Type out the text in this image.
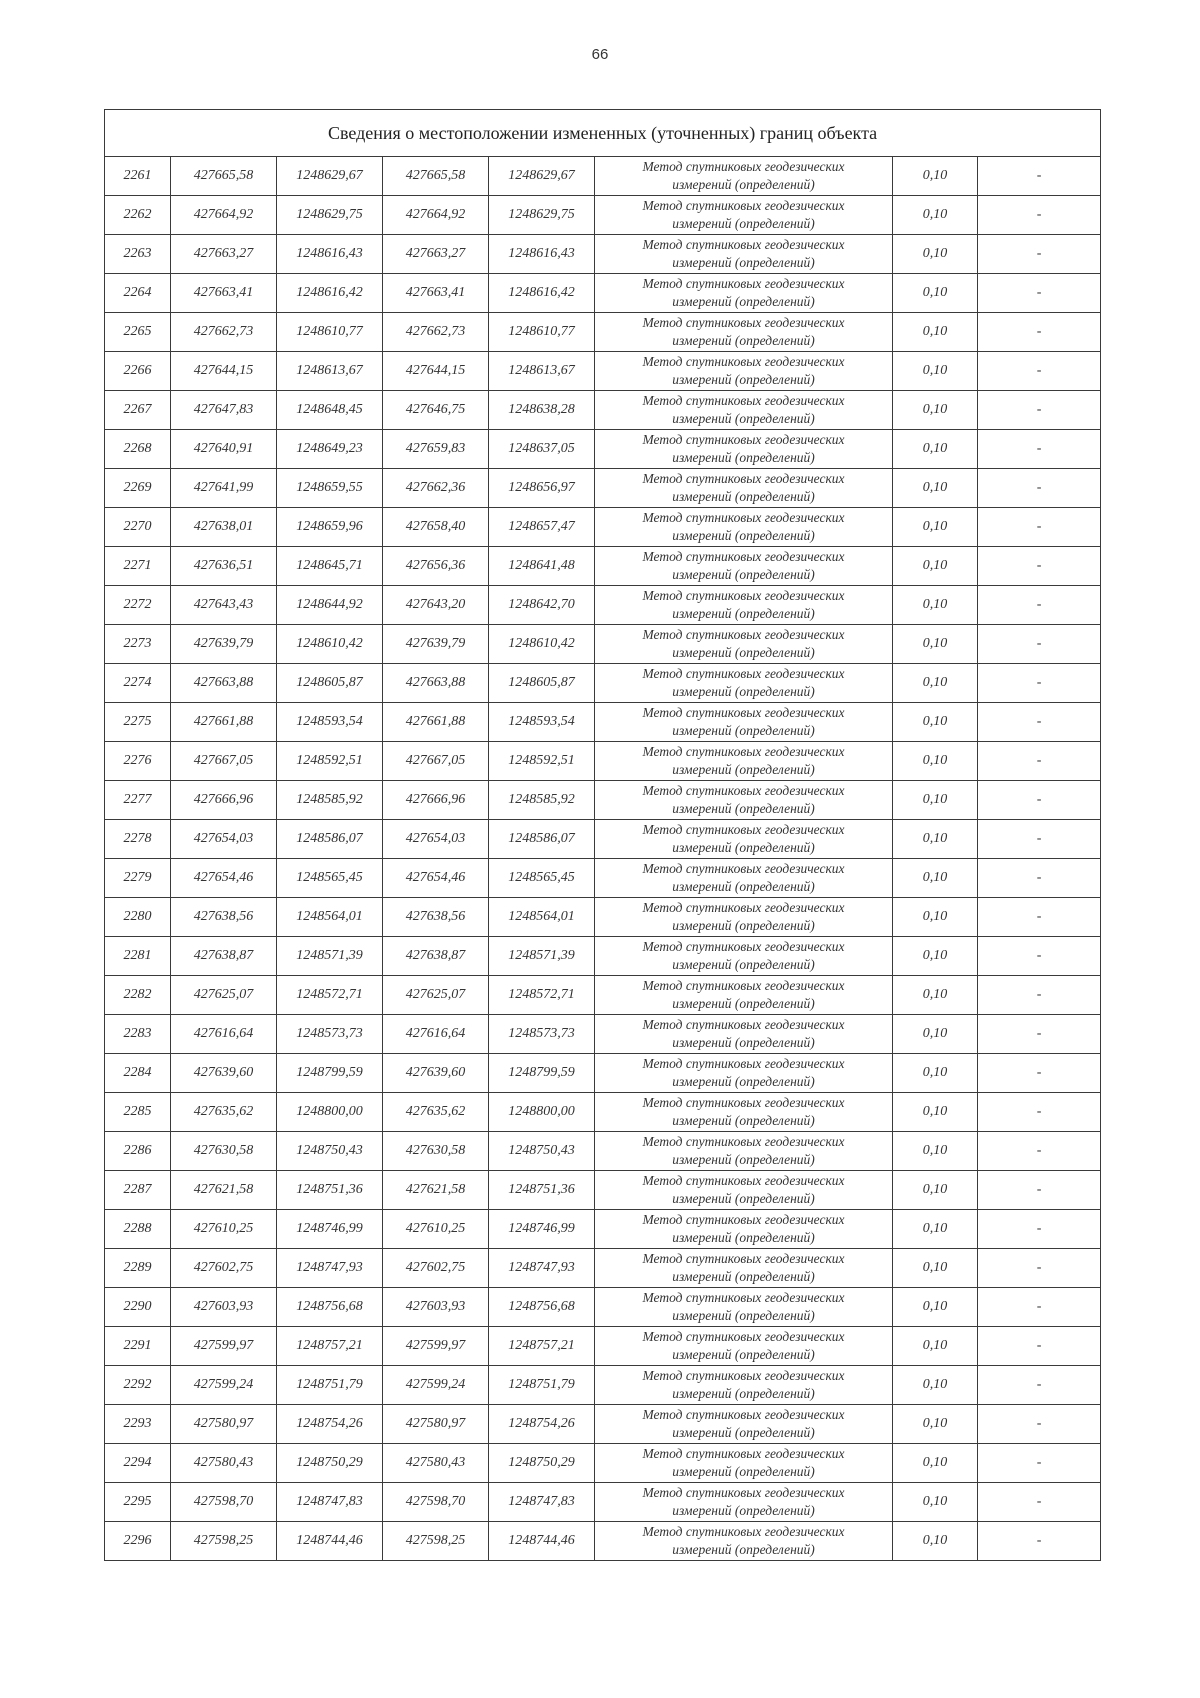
66
Сведения о местоположении измененных (уточненных) границ объекта							
2261	427665,58	1248629,67	427665,58	1248629,67	Метод спутниковых геодезических
измерений (определений)	0,10	-
2262	427664,92	1248629,75	427664,92	1248629,75	Метод спутниковых геодезических
измерений (определений)	0,10	-
2263	427663,27	1248616,43	427663,27	1248616,43	Метод спутниковых геодезических
измерений (определений)	0,10	-
2264	427663,41	1248616,42	427663,41	1248616,42	Метод спутниковых геодезических
измерений (определений)	0,10	-
2265	427662,73	1248610,77	427662,73	1248610,77	Метод спутниковых геодезических
измерений (определений)	0,10	-
2266	427644,15	1248613,67	427644,15	1248613,67	Метод спутниковых геодезических
измерений (определений)	0,10	-
2267	427647,83	1248648,45	427646,75	1248638,28	Метод спутниковых геодезических
измерений (определений)	0,10	-
2268	427640,91	1248649,23	427659,83	1248637,05	Метод спутниковых геодезических
измерений (определений)	0,10	-
2269	427641,99	1248659,55	427662,36	1248656,97	Метод спутниковых геодезических
измерений (определений)	0,10	-
2270	427638,01	1248659,96	427658,40	1248657,47	Метод спутниковых геодезических
измерений (определений)	0,10	-
2271	427636,51	1248645,71	427656,36	1248641,48	Метод спутниковых геодезических
измерений (определений)	0,10	-
2272	427643,43	1248644,92	427643,20	1248642,70	Метод спутниковых геодезических
измерений (определений)	0,10	-
2273	427639,79	1248610,42	427639,79	1248610,42	Метод спутниковых геодезических
измерений (определений)	0,10	-
2274	427663,88	1248605,87	427663,88	1248605,87	Метод спутниковых геодезических
измерений (определений)	0,10	-
2275	427661,88	1248593,54	427661,88	1248593,54	Метод спутниковых геодезических
измерений (определений)	0,10	-
2276	427667,05	1248592,51	427667,05	1248592,51	Метод спутниковых геодезических
измерений (определений)	0,10	-
2277	427666,96	1248585,92	427666,96	1248585,92	Метод спутниковых геодезических
измерений (определений)	0,10	-
2278	427654,03	1248586,07	427654,03	1248586,07	Метод спутниковых геодезических
измерений (определений)	0,10	-
2279	427654,46	1248565,45	427654,46	1248565,45	Метод спутниковых геодезических
измерений (определений)	0,10	-
2280	427638,56	1248564,01	427638,56	1248564,01	Метод спутниковых геодезических
измерений (определений)	0,10	-
2281	427638,87	1248571,39	427638,87	1248571,39	Метод спутниковых геодезических
измерений (определений)	0,10	-
2282	427625,07	1248572,71	427625,07	1248572,71	Метод спутниковых геодезических
измерений (определений)	0,10	-
2283	427616,64	1248573,73	427616,64	1248573,73	Метод спутниковых геодезических
измерений (определений)	0,10	-
2284	427639,60	1248799,59	427639,60	1248799,59	Метод спутниковых геодезических
измерений (определений)	0,10	-
2285	427635,62	1248800,00	427635,62	1248800,00	Метод спутниковых геодезических
измерений (определений)	0,10	-
2286	427630,58	1248750,43	427630,58	1248750,43	Метод спутниковых геодезических
измерений (определений)	0,10	-
2287	427621,58	1248751,36	427621,58	1248751,36	Метод спутниковых геодезических
измерений (определений)	0,10	-
2288	427610,25	1248746,99	427610,25	1248746,99	Метод спутниковых геодезических
измерений (определений)	0,10	-
2289	427602,75	1248747,93	427602,75	1248747,93	Метод спутниковых геодезических
измерений (определений)	0,10	-
2290	427603,93	1248756,68	427603,93	1248756,68	Метод спутниковых геодезических
измерений (определений)	0,10	-
2291	427599,97	1248757,21	427599,97	1248757,21	Метод спутниковых геодезических
измерений (определений)	0,10	-
2292	427599,24	1248751,79	427599,24	1248751,79	Метод спутниковых геодезических
измерений (определений)	0,10	-
2293	427580,97	1248754,26	427580,97	1248754,26	Метод спутниковых геодезических
измерений (определений)	0,10	-
2294	427580,43	1248750,29	427580,43	1248750,29	Метод спутниковых геодезических
измерений (определений)	0,10	-
2295	427598,70	1248747,83	427598,70	1248747,83	Метод спутниковых геодезических
измерений (определений)	0,10	-
2296	427598,25	1248744,46	427598,25	1248744,46	Метод спутниковых геодезических
измерений (определений)	0,10	-
